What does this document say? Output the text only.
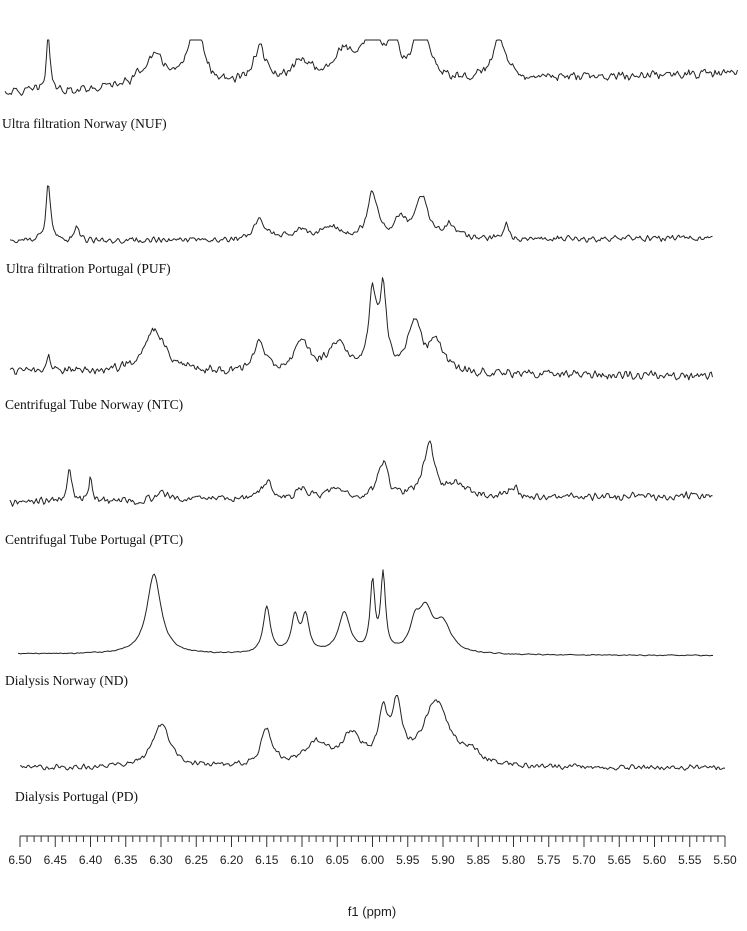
Ultra filtration Norway (NUF)
Ultra filtration Portugal (PUF)
Centrifugal Tube Norway (NTC)
Centrifugal Tube Portugal (PTC)
Dialysis Norway (ND)
Dialysis Portugal (PD)
6.50 6.45 6.40 6.35 6.30 6.25 6.20 6.15 6.10 6.05 6.00 5.95 5.90 5.85 5.80 5.75 5.70 5.65 5.60 5.55 5.50
f1 (ppm)
